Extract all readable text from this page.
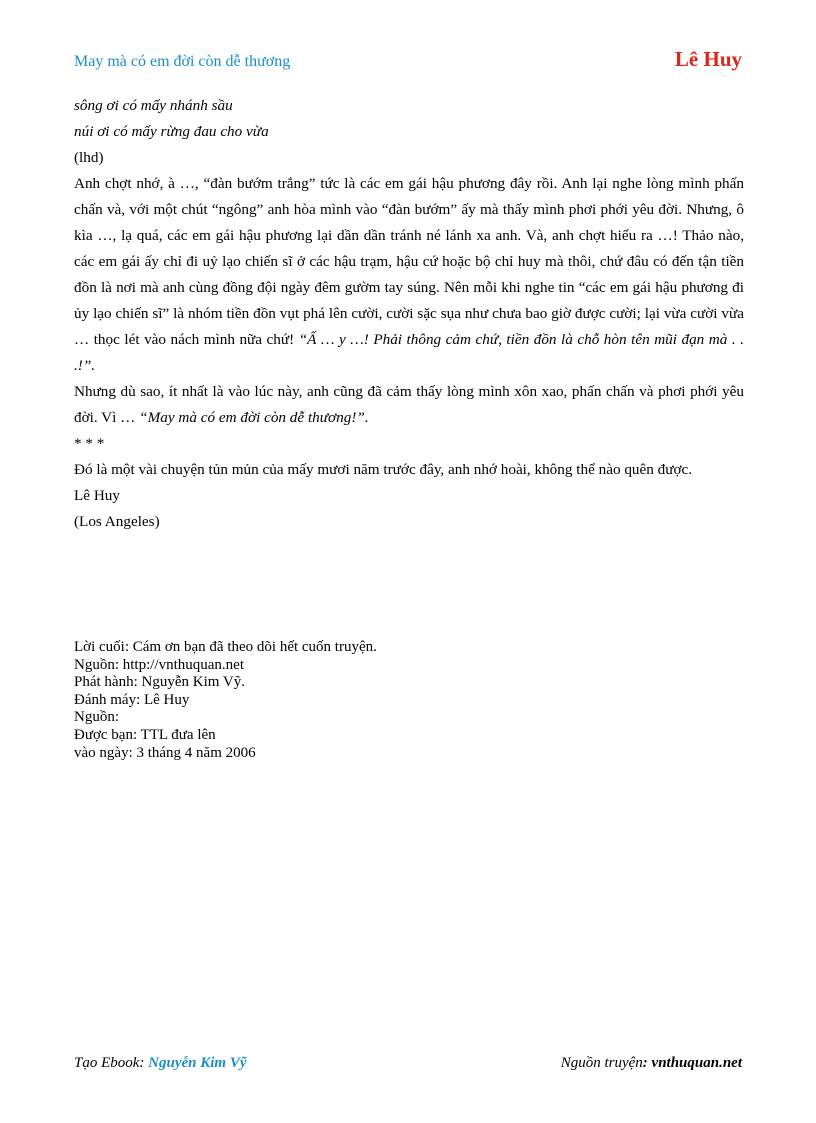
May mà có em đời còn dễ thương	Lê Huy

sông ơi có mấy nhánh sầu

núi ơi có mấy rừng đau cho vừa

(lhd)

Anh chợt nhớ, à …, “đàn bướm trắng” tức là các em gái hậu phương đây rồi. Anh lại nghe lòng mình phấn chấn và, với một chút “ngông” anh hòa mình vào “đàn bướm” ấy mà thấy mình phơi phới yêu đời. Nhưng, ô kìa …, lạ quá, các em gái hậu phương lại dần dần tránh né lánh xa anh. Và, anh chợt hiểu ra …! Thảo nào, các em gái ấy chỉ đi uỷ lạo chiến sĩ ở các hậu trạm, hậu cứ hoặc bộ chỉ huy mà thôi, chứ đâu có đến tận tiền đồn là nơi mà anh cùng đồng đội ngày đêm gườm tay súng. Nên mỗi khi nghe tin “các em gái hậu phương đi ủy lạo chiến sĩ” là nhóm tiền đồn vụt phá lên cười, cười sặc sụa như chưa bao giờ được cười; lại vừa cười vừa … thọc lét vào nách mình nữa chứ! “Ấ … y …! Phải thông cảm chứ, tiền đồn là chỗ hòn tên mũi đạn mà . . .!”.

Nhưng dù sao, ít nhất là vào lúc này, anh cũng đã cảm thấy lòng mình xôn xao, phấn chấn và phơi phới yêu đời. Vì … “May mà có em đời còn dễ thương!”.

* * *

Đó là một vài chuyện tủn mủn của mấy mươi năm trước đây, anh nhớ hoài, không thể nào quên được.

Lê Huy

(Los Angeles)

Lời cuối: Cám ơn bạn đã theo dõi hết cuốn truyện.

Nguồn: http://vnthuquan.net

Phát hành: Nguyễn Kim Vỹ.

Đánh máy: Lê Huy

Nguồn:

Được bạn: TTL đưa lên

vào ngày: 3 tháng 4 năm 2006

Tạo Ebook: Nguyễn Kim Vỹ	Nguồn truyện: vnthuquan.net
